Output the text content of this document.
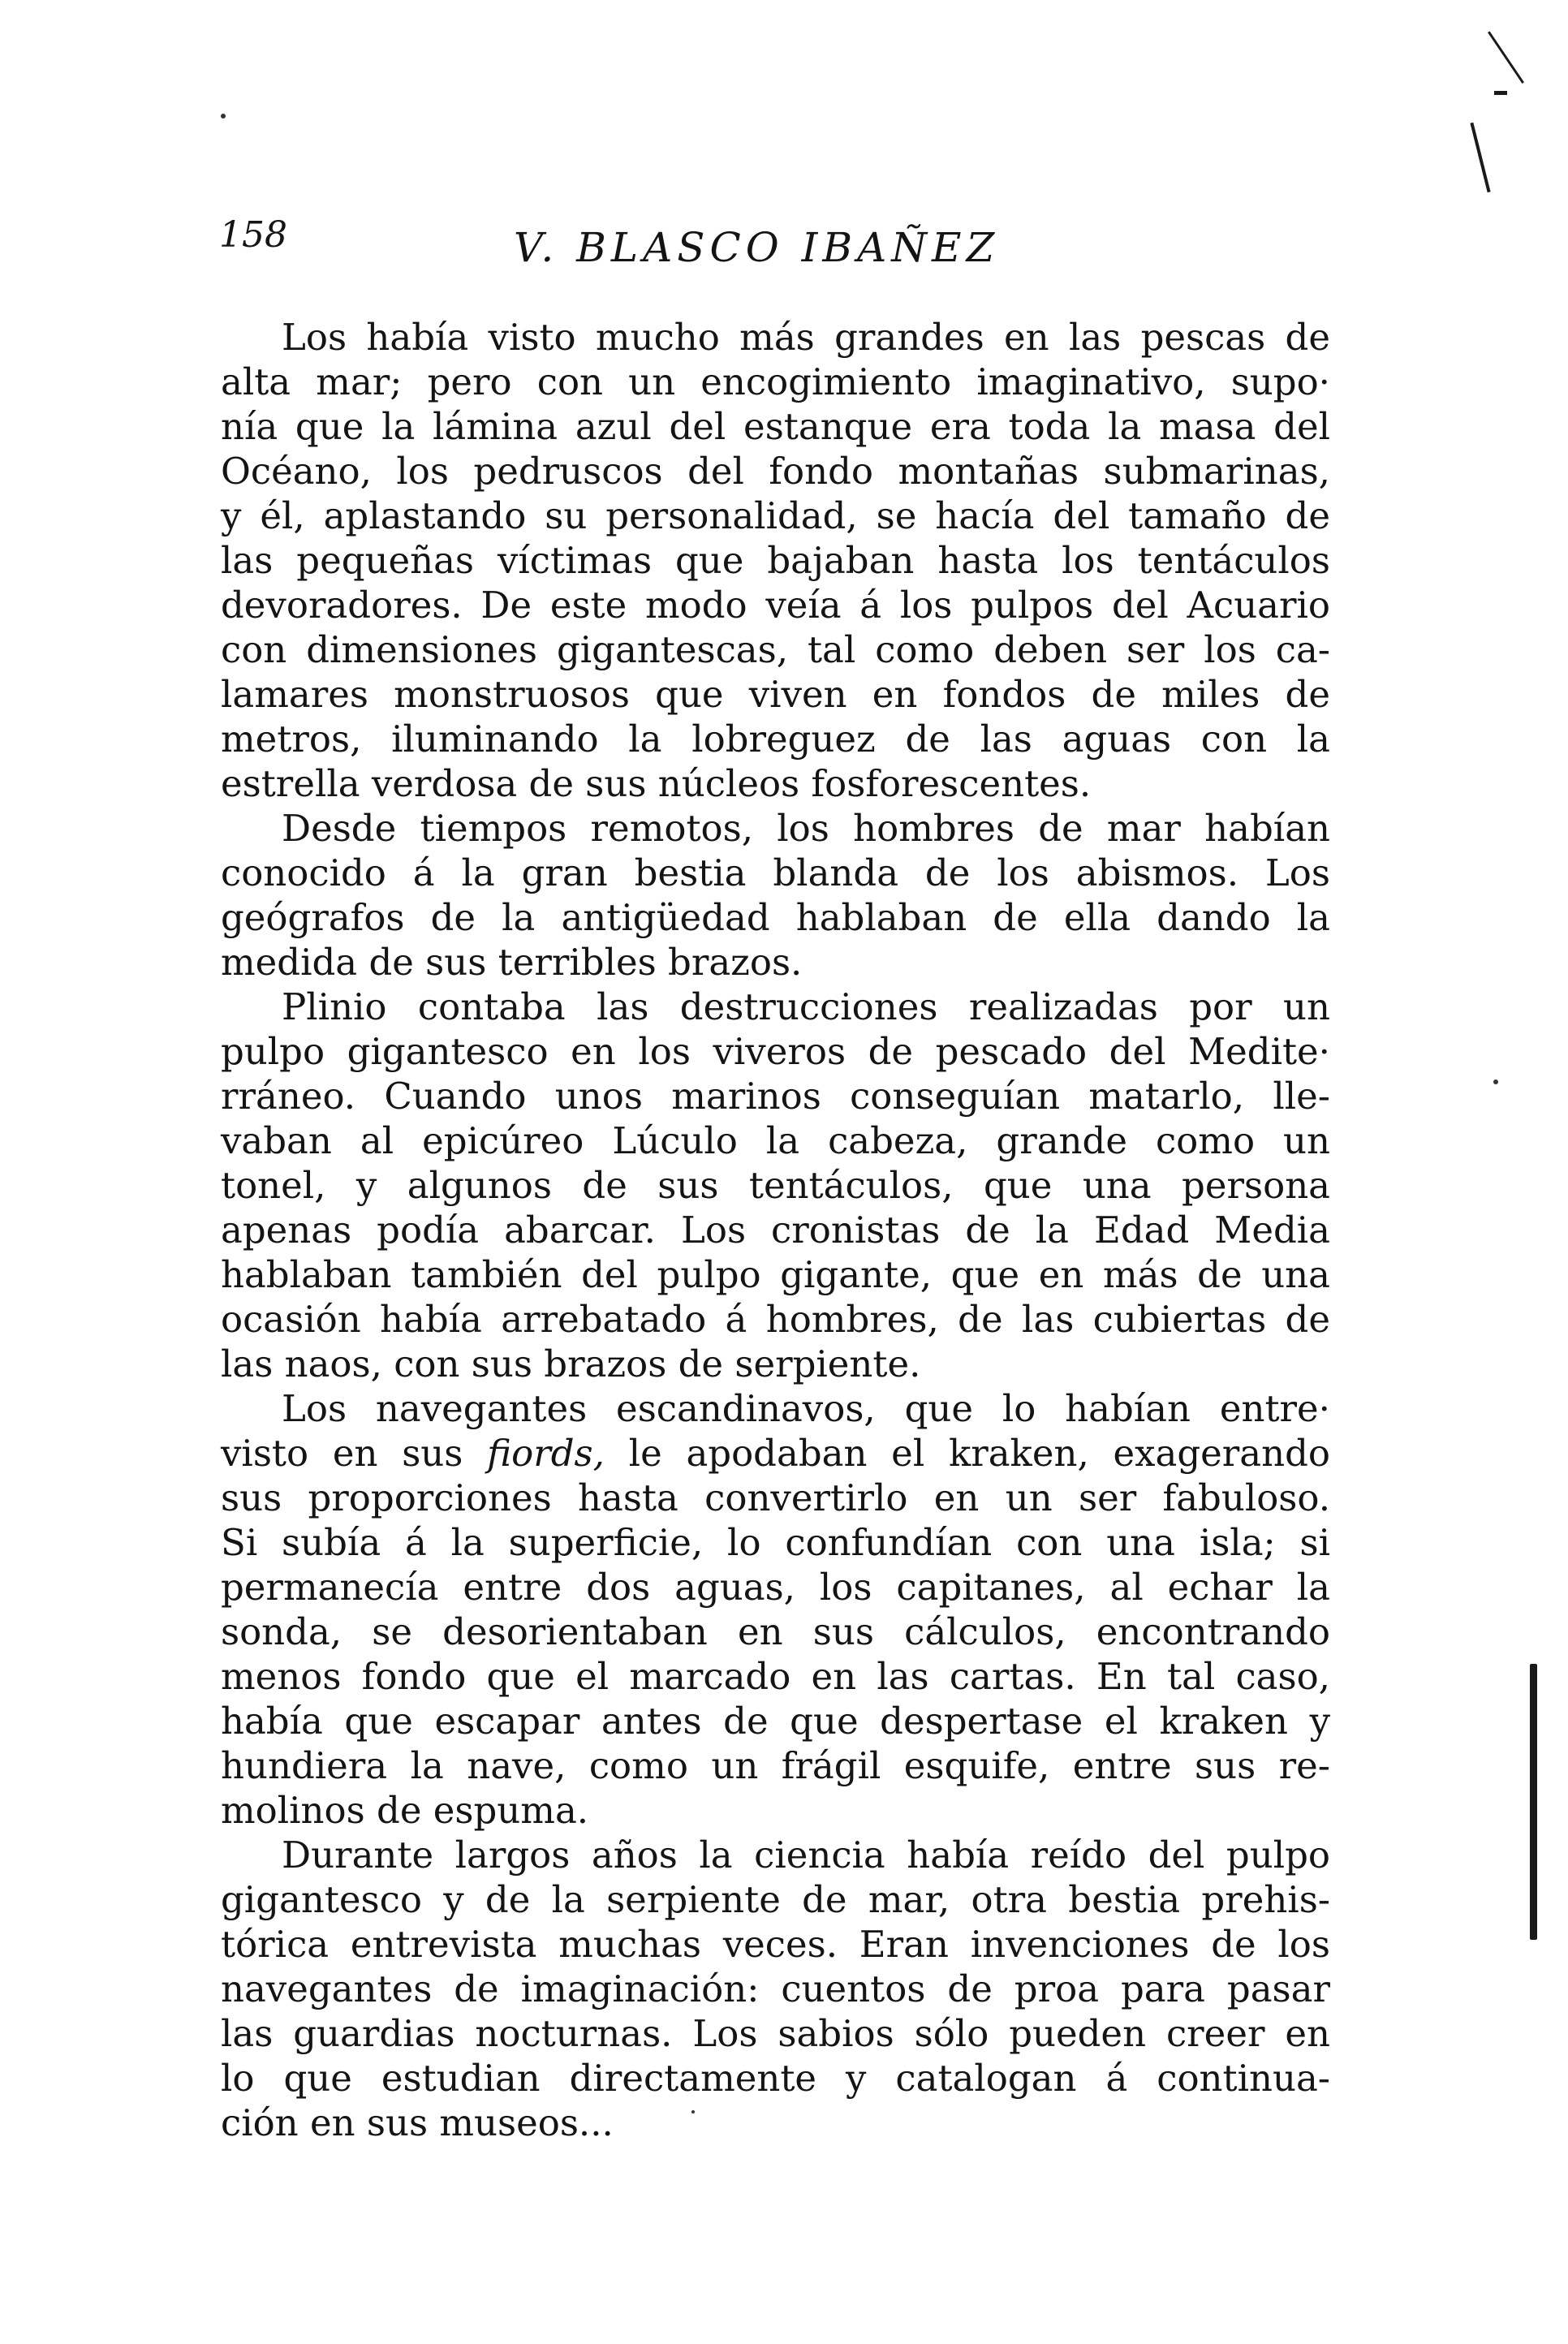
158	V. BLASCO IBAÑEZ
Los había visto mucho más grandes en las pescas de
alta mar; pero con un encogimiento imaginativo, supo·
nía que la lámina azul del estanque era toda la masa del
Océano, los pedruscos del fondo montañas submarinas,
y él, aplastando su personalidad, se hacía del tamaño de
las pequeñas víctimas que bajaban hasta los tentáculos
devoradores. De este modo veía á los pulpos del Acuario
con dimensiones gigantescas, tal como deben ser los ca-
lamares monstruosos que viven en fondos de miles de
metros, iluminando la lobreguez de las aguas con la
estrella verdosa de sus núcleos fosforescentes.
Desde tiempos remotos, los hombres de mar habían
conocido á la gran bestia blanda de los abismos. Los
geógrafos de la antigüedad hablaban de ella dando la
medida de sus terribles brazos.
Plinio contaba las destrucciones realizadas por un
pulpo gigantesco en los viveros de pescado del Medite·
rráneo. Cuando unos marinos conseguían matarlo, lle-
vaban al epicúreo Lúculo la cabeza, grande como un
tonel, y algunos de sus tentáculos, que una persona
apenas podía abarcar. Los cronistas de la Edad Media
hablaban también del pulpo gigante, que en más de una
ocasión había arrebatado á hombres, de las cubiertas de
las naos, con sus brazos de serpiente.
Los navegantes escandinavos, que lo habían entre·
visto en sus fiords, le apodaban el kraken, exagerando
sus proporciones hasta convertirlo en un ser fabuloso.
Si subía á la superficie, lo confundían con una isla; si
permanecía entre dos aguas, los capitanes, al echar la
sonda, se desorientaban en sus cálculos, encontrando
menos fondo que el marcado en las cartas. En tal caso,
había que escapar antes de que despertase el kraken y
hundiera la nave, como un frágil esquife, entre sus re-
molinos de espuma.
Durante largos años la ciencia había reído del pulpo
gigantesco y de la serpiente de mar, otra bestia prehis-
tórica entrevista muchas veces. Eran invenciones de los
navegantes de imaginación: cuentos de proa para pasar
las guardias nocturnas. Los sabios sólo pueden creer en
lo que estudian directamente y catalogan á continua-
ción en sus museos...
